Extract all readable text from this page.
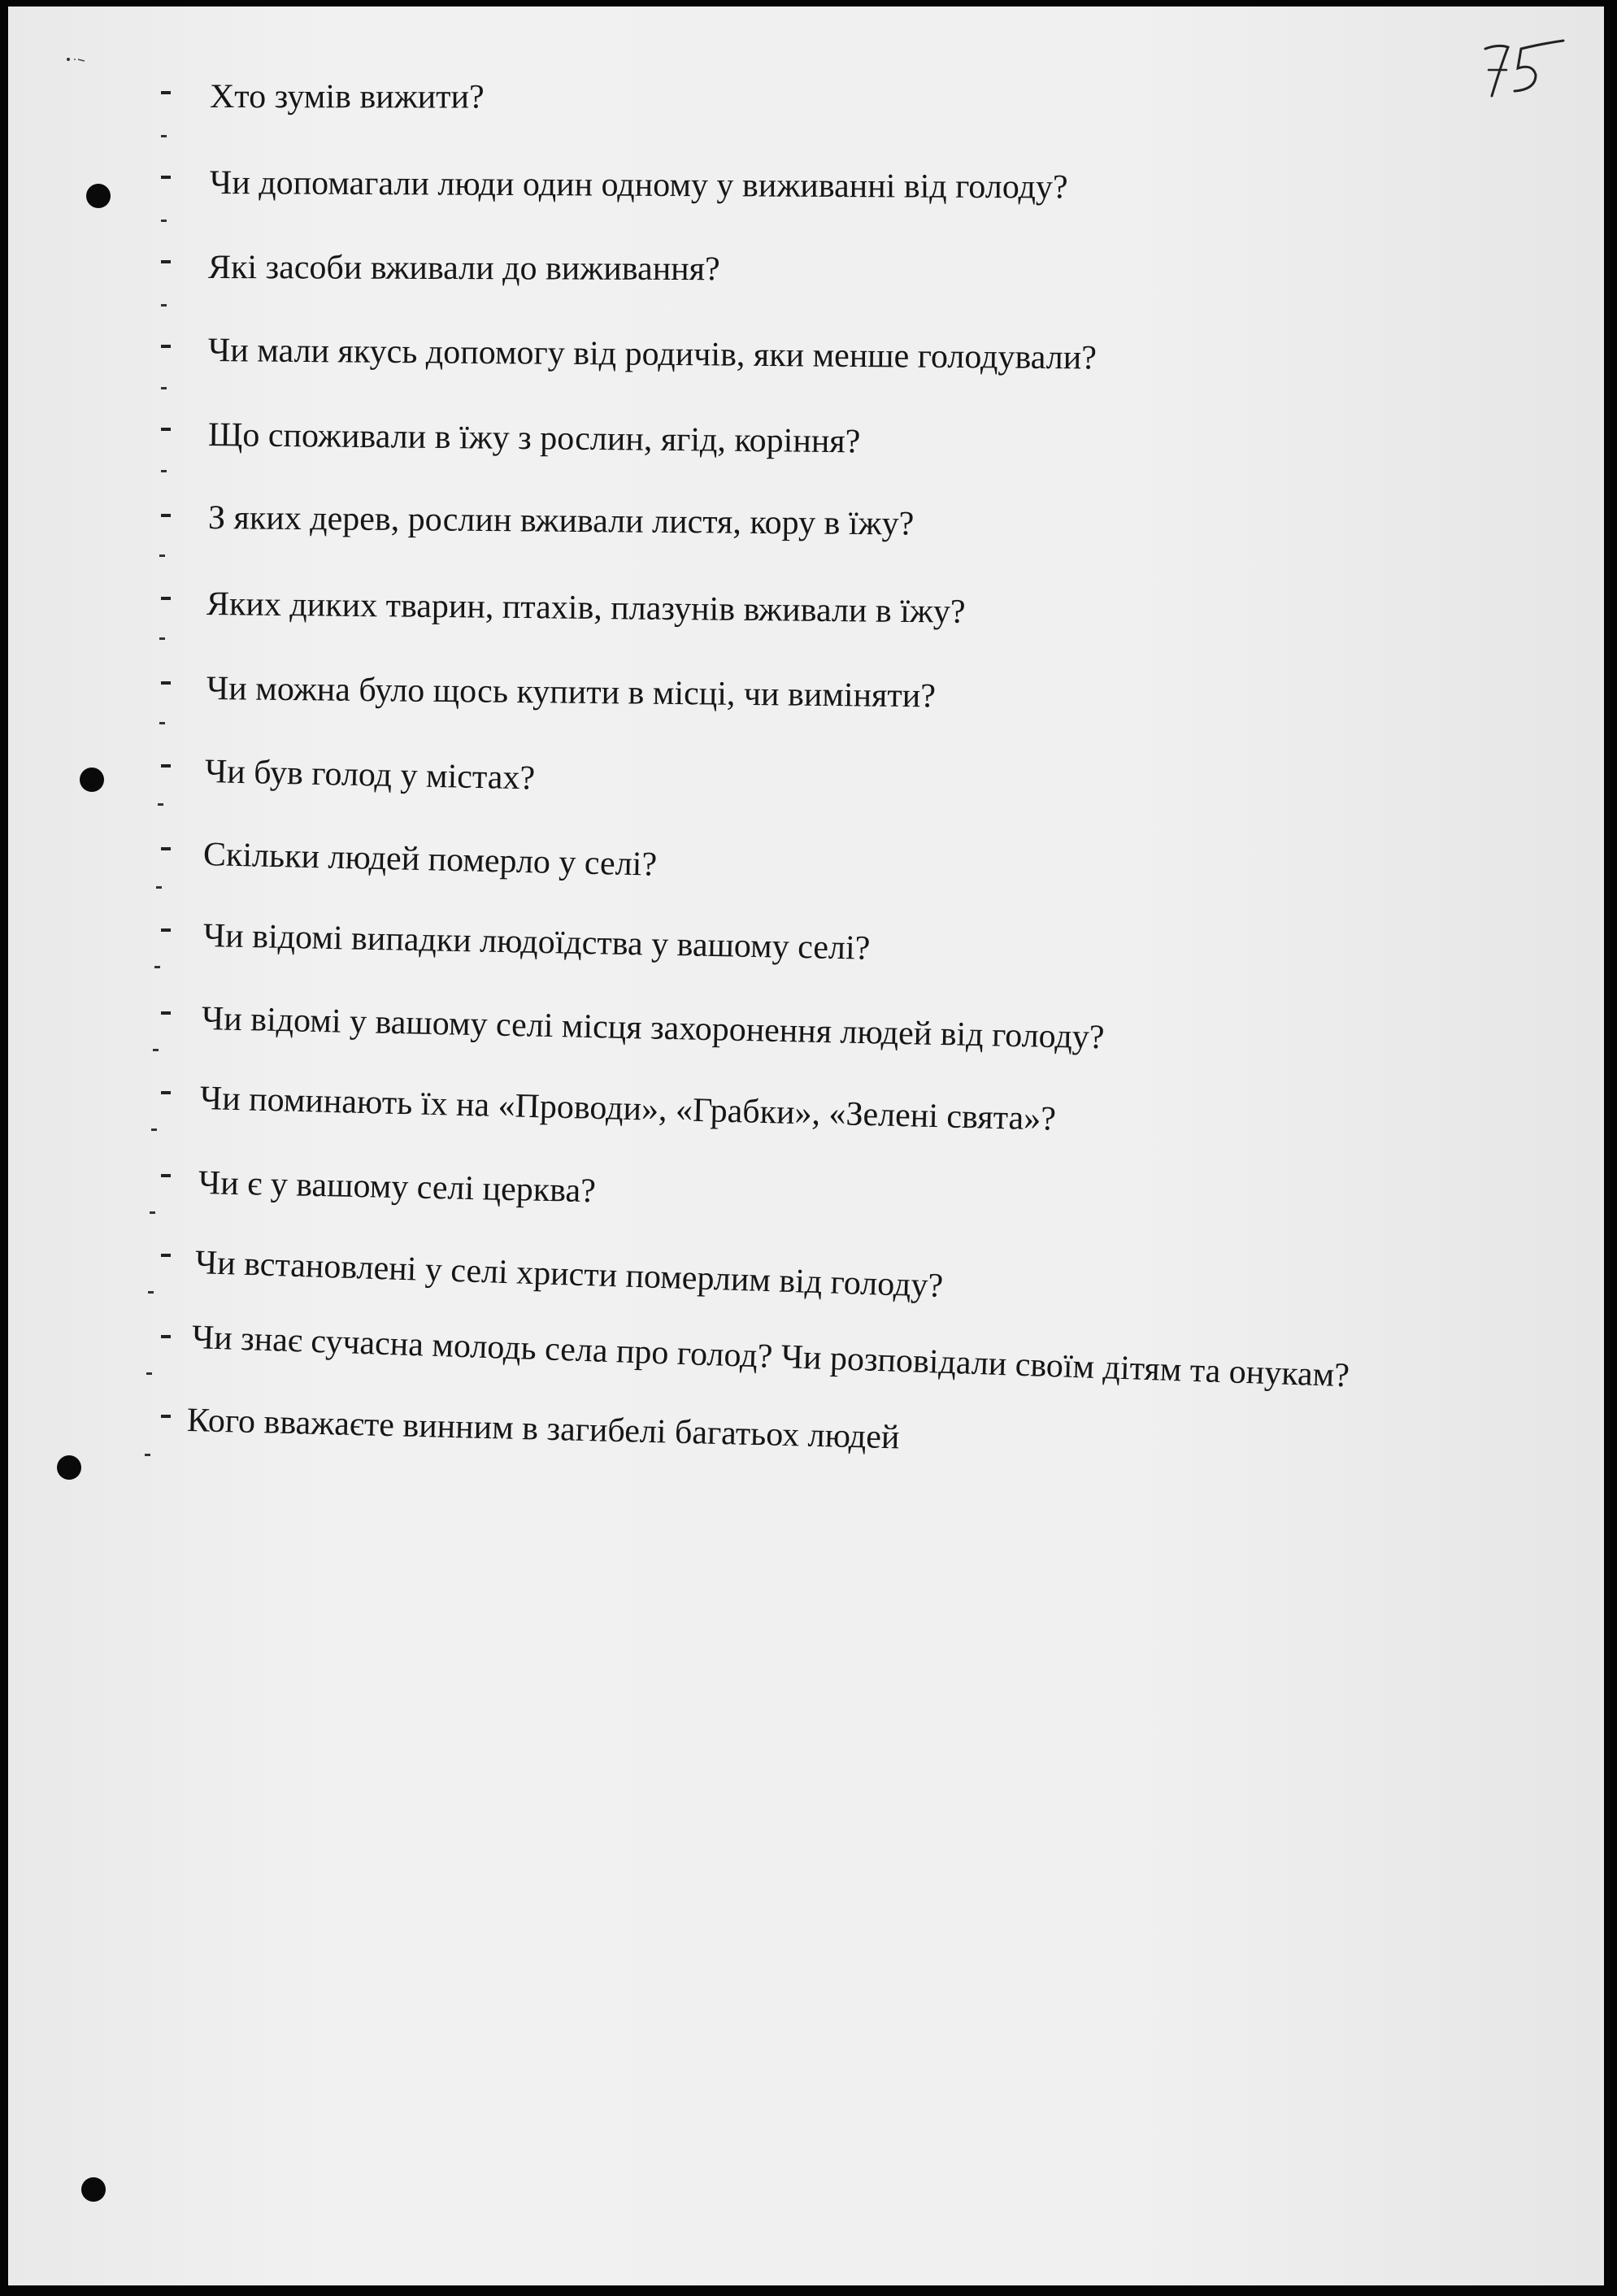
Хто зумів вижити?
Чи допомагали люди один одному у виживанні від голоду?
Які засоби вживали до виживання?
Чи мали якусь допомогу від родичів, яки менше голодували?
Що споживали в їжу з рослин, ягід, коріння?
З яких дерев, рослин вживали листя, кору в їжу?
Яких диких тварин, птахів, плазунів вживали в їжу?
Чи можна було щось купити в місці, чи виміняти?
Чи був голод у містах?
Скільки людей померло у селі?
Чи відомі випадки людоїдства у вашому селі?
Чи відомі у вашому селі місця захоронення людей від голоду?
Чи поминають їх на «Проводи», «Грабки», «Зелені свята»?
Чи є у вашому селі церква?
Чи встановлені у селі христи померлим від голоду?
Чи знає сучасна молодь села про голод? Чи розповідали своїм дітям та онукам?
Кого вважаєте винним в загибелі багатьох людей
